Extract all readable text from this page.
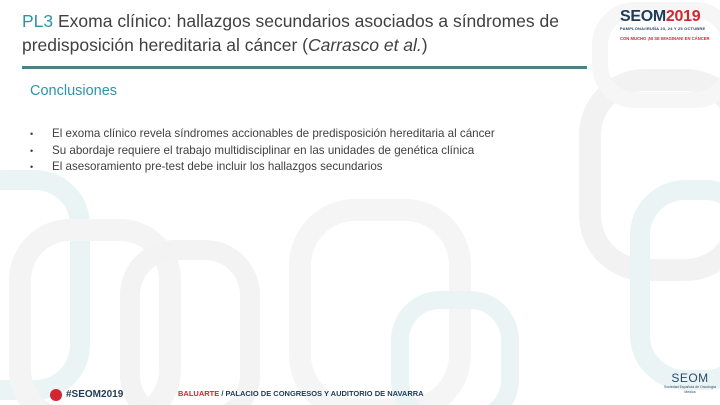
PL3 Exoma clínico: hallazgos secundarios asociados a síndromes de predisposición hereditaria al cáncer (Carrasco et al.)
SEOM2019
PAMPLONA/IRUÑA 23, 24 Y 25 OCTUBRE
CON MUCHO ¡NI SE IMAGINAN! EN CÁNCER
Conclusiones
• El exoma clínico revela síndromes accionables de predisposición hereditaria al cáncer
• Su abordaje requiere el trabajo multidisciplinar en las unidades de genética clínica
• El asesoramiento pre-test debe incluir los hallazgos secundarios
#SEOM2019	BALUARTE / PALACIO DE CONGRESOS Y AUDITORIO DE NAVARRA
SEOM
Sociedad Española de Oncología Médica
